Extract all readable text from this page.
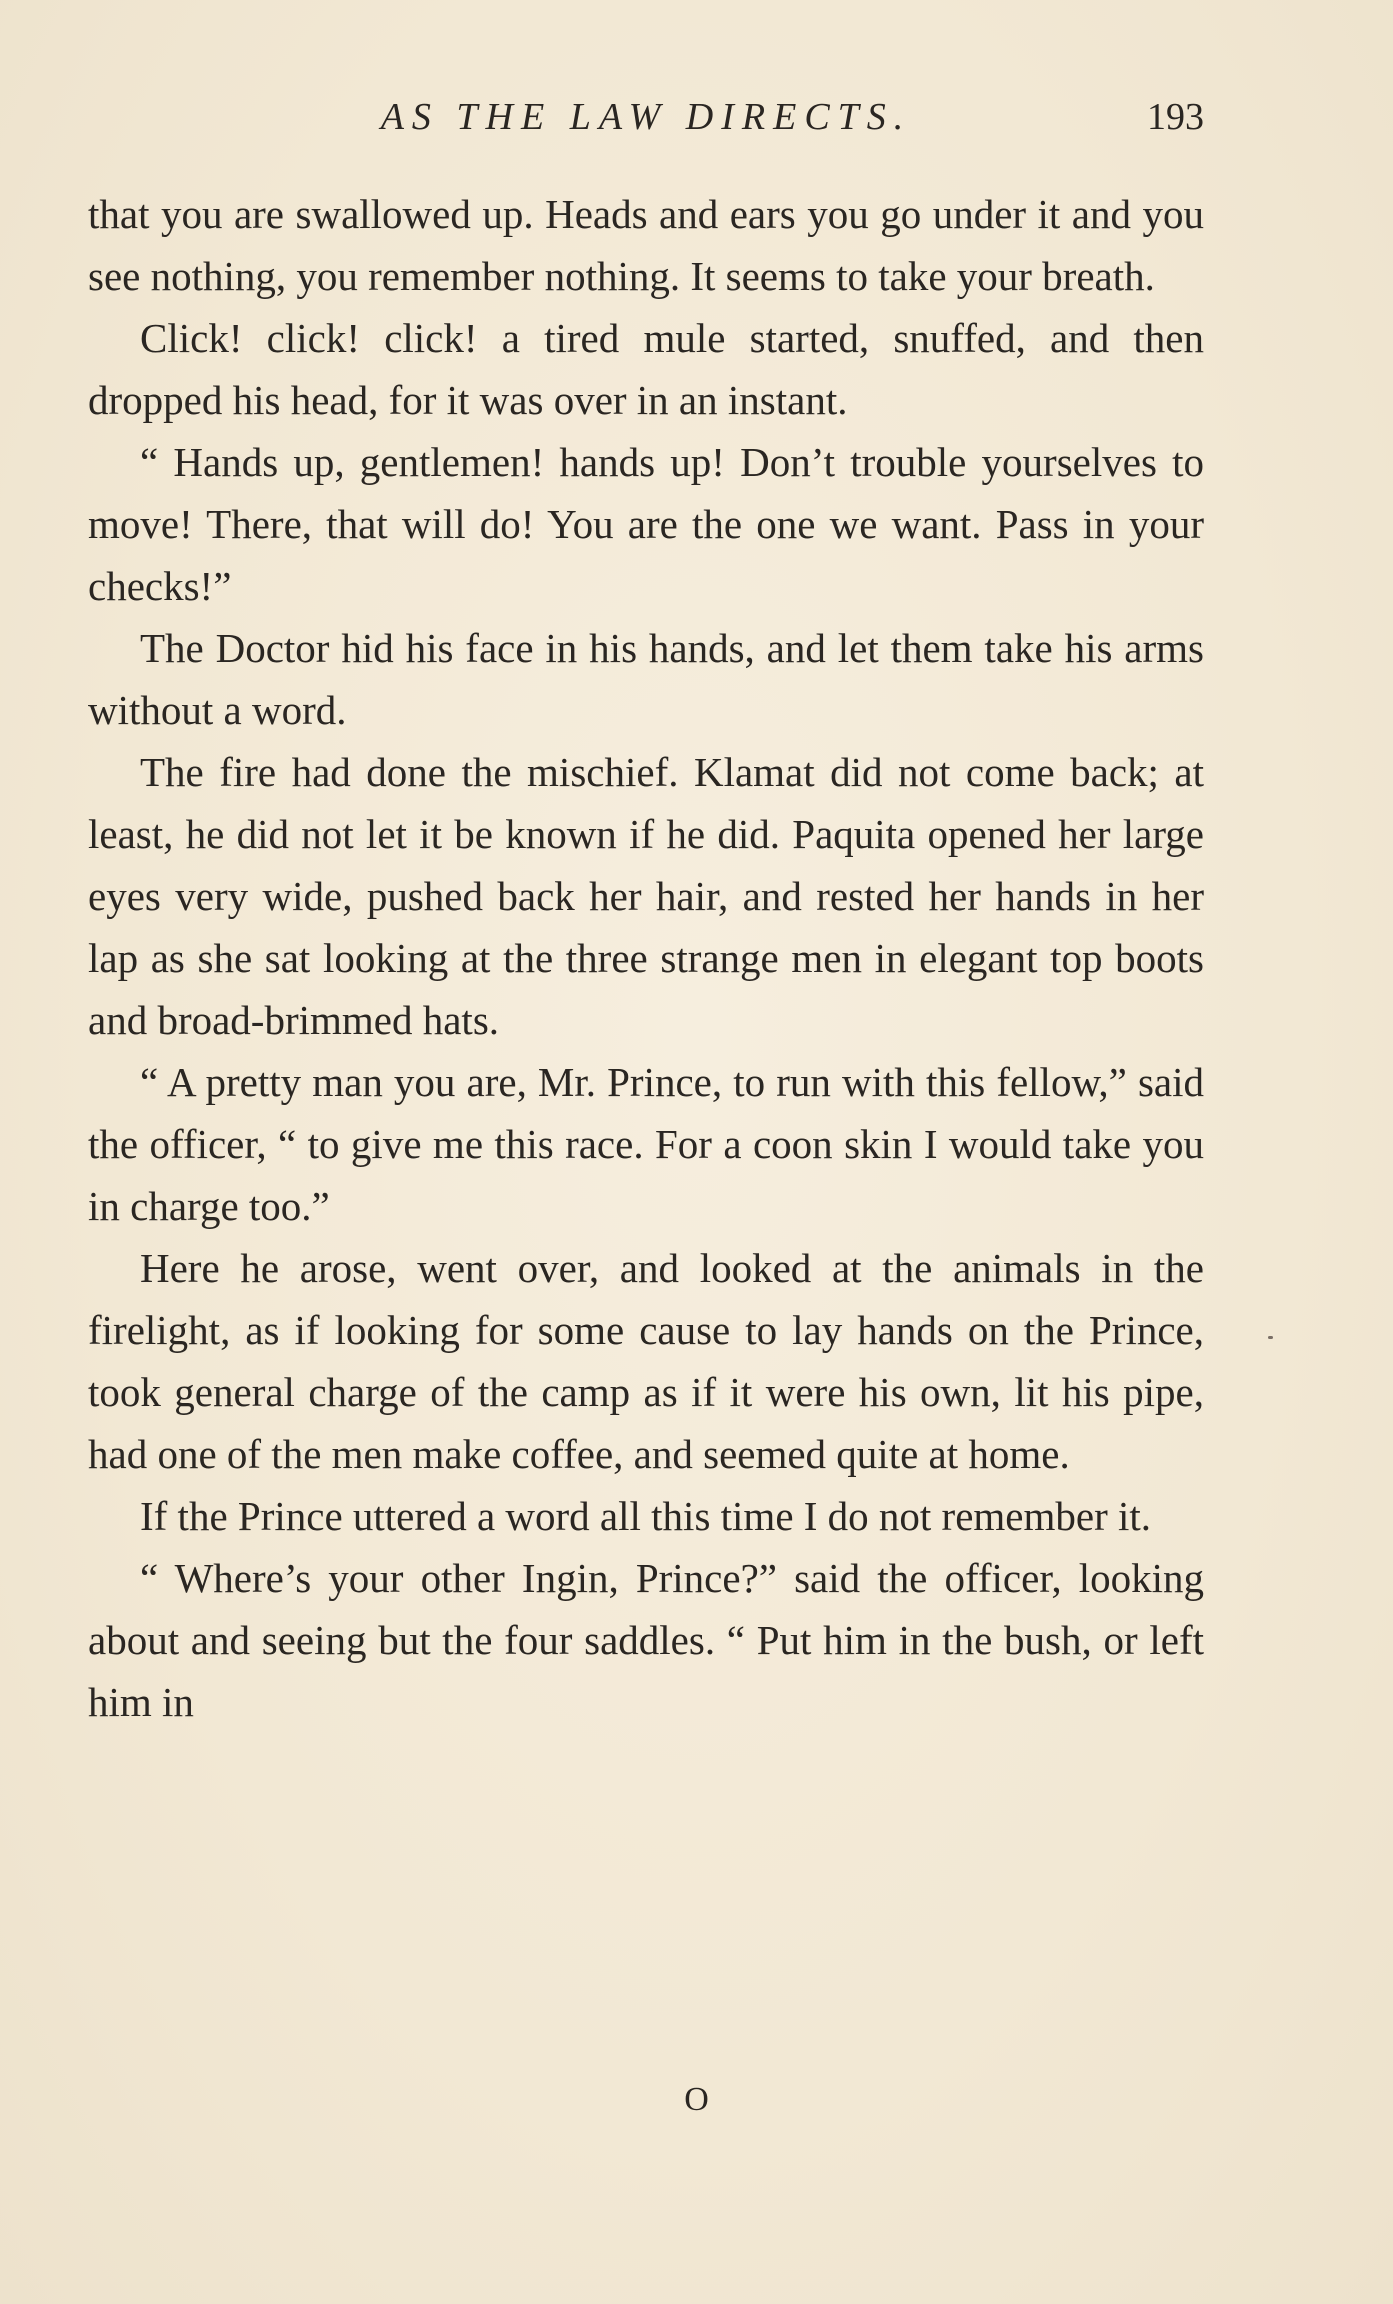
AS THE LAW DIRECTS.	193

that you are swallowed up. Heads and ears you go under it and you see nothing, you remember nothing. It seems to take your breath.

Click! click! click! a tired mule started, snuffed, and then dropped his head, for it was over in an instant.

“ Hands up, gentlemen! hands up! Don’t trouble yourselves to move! There, that will do! You are the one we want. Pass in your checks!”

The Doctor hid his face in his hands, and let them take his arms without a word.

The fire had done the mischief. Klamat did not come back; at least, he did not let it be known if he did. Paquita opened her large eyes very wide, pushed back her hair, and rested her hands in her lap as she sat looking at the three strange men in elegant top boots and broad-brimmed hats.

“ A pretty man you are, Mr. Prince, to run with this fellow,” said the officer, “ to give me this race. For a coon skin I would take you in charge too.”

Here he arose, went over, and looked at the animals in the firelight, as if looking for some cause to lay hands on the Prince, took general charge of the camp as if it were his own, lit his pipe, had one of the men make coffee, and seemed quite at home.

If the Prince uttered a word all this time I do not remember it.

“ Where’s your other Ingin, Prince?” said the officer, looking about and seeing but the four saddles. “ Put him in the bush, or left him in

O
